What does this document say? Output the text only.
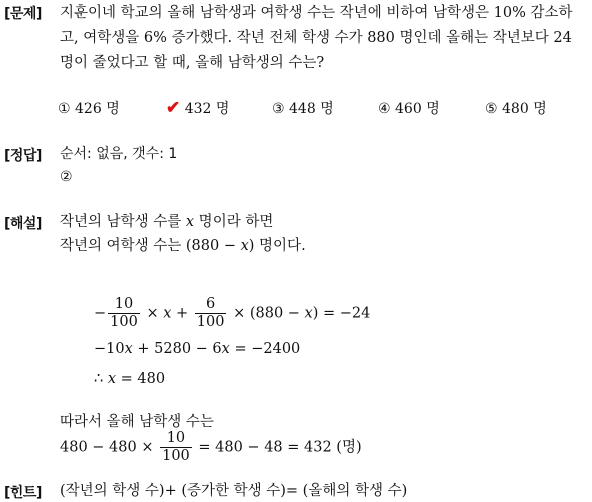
[문제] 지훈이네 학교의 올해 남학생과 여학생 수는 작년에 비하여 남학생은 10% 감소하
고, 여학생을 6% 증가했다. 작년 전체 학생 수가 880 명인데 올해는 작년보다 24
명이 줄었다고 할 때, 올해 남학생의 수는?
① 426 명	✔ 432 명	③ 448 명	④ 460 명	⑤ 480 명
[정답] 순서: 없음, 갯수: 1
②
[해설] 작년의 남학생 수를 x 명이라 하면
작년의 여학생 수는 (880 − x) 명이다.
− $\frac{10}{100} \times x + \frac{6}{100} \times (880 - x) = -24$
−10x + 5280 − 6x = −2400
∴ x = 480
따라서 올해 남학생 수는
$480 - 480 \times \frac{10}{100} = 480 - 48 = 432$ (명)
[힌트] (작년의 학생 수)+ (증가한 학생 수)= (올해의 학생 수)
